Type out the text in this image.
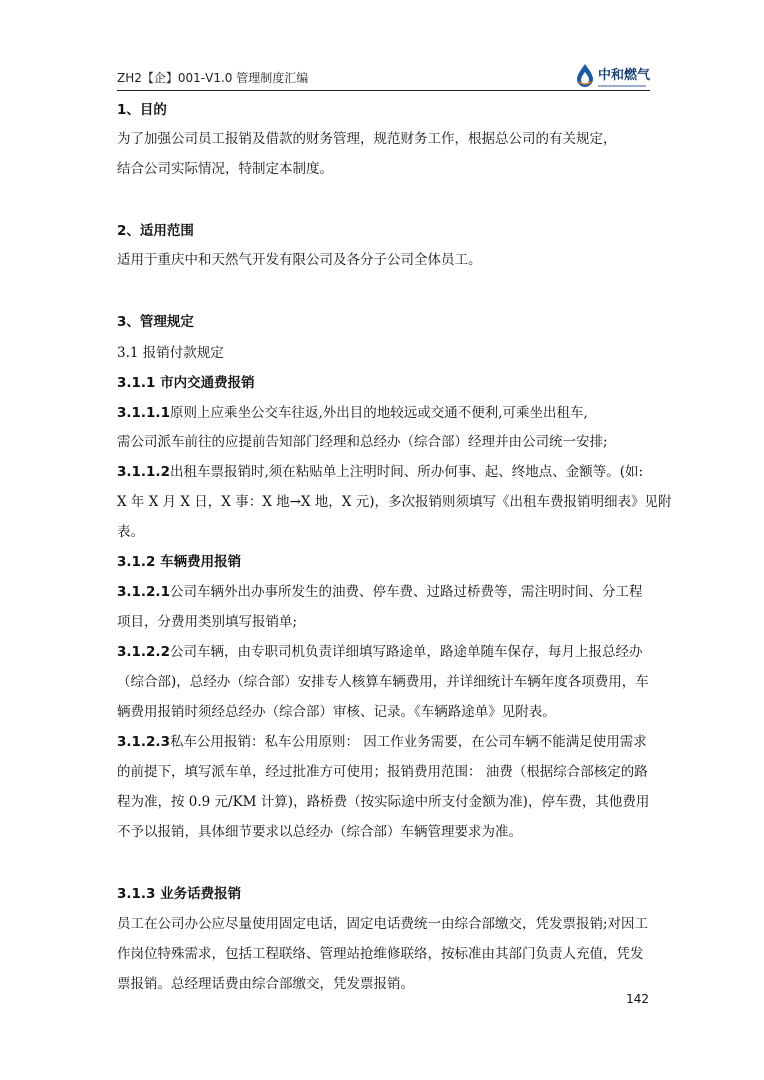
ZH2【企】001-V1.0 管理制度汇编	中和燃气
1、目的
为了加强公司员工报销及借款的财务管理，规范财务工作，根据总公司的有关规定，
结合公司实际情况，特制定本制度。
2、适用范围
适用于重庆中和天然气开发有限公司及各分子公司全体员工。
3、管理规定
3.1 报销付款规定
3.1.1 市内交通费报销
3.1.1.1原则上应乘坐公交车往返,外出目的地较远或交通不便利,可乘坐出租车,
需公司派车前往的应提前告知部门经理和总经办（综合部）经理并由公司统一安排;
3.1.1.2出租车票报销时,须在粘贴单上注明时间、所办何事、起、终地点、金额等。(如:
X 年 X 月 X 日，X 事：X 地→X 地，X 元)，多次报销则须填写《出租车费报销明细表》见附
表。
3.1.2 车辆费用报销
3.1.2.1公司车辆外出办事所发生的油费、停车费、过路过桥费等，需注明时间、分工程
项目，分费用类别填写报销单;
3.1.2.2公司车辆，由专职司机负责详细填写路途单，路途单随车保存，每月上报总经办
（综合部)，总经办（综合部）安排专人核算车辆费用，并详细统计车辆年度各项费用，车
辆费用报销时须经总经办（综合部）审核、记录。《车辆路途单》见附表。
3.1.2.3私车公用报销：私车公用原则： 因工作业务需要，在公司车辆不能满足使用需求
的前提下，填写派车单，经过批准方可使用；报销费用范围： 油费（根据综合部核定的路
程为准，按 0.9 元/KM 计算)，路桥费（按实际途中所支付金额为准)，停车费，其他费用
不予以报销，具体细节要求以总经办（综合部）车辆管理要求为准。
3.1.3 业务话费报销
员工在公司办公应尽量使用固定电话，固定电话费统一由综合部缴交，凭发票报销;对因工
作岗位特殊需求，包括工程联络、管理站抢维修联络，按标准由其部门负责人充值，凭发
票报销。总经理话费由综合部缴交，凭发票报销。
142
